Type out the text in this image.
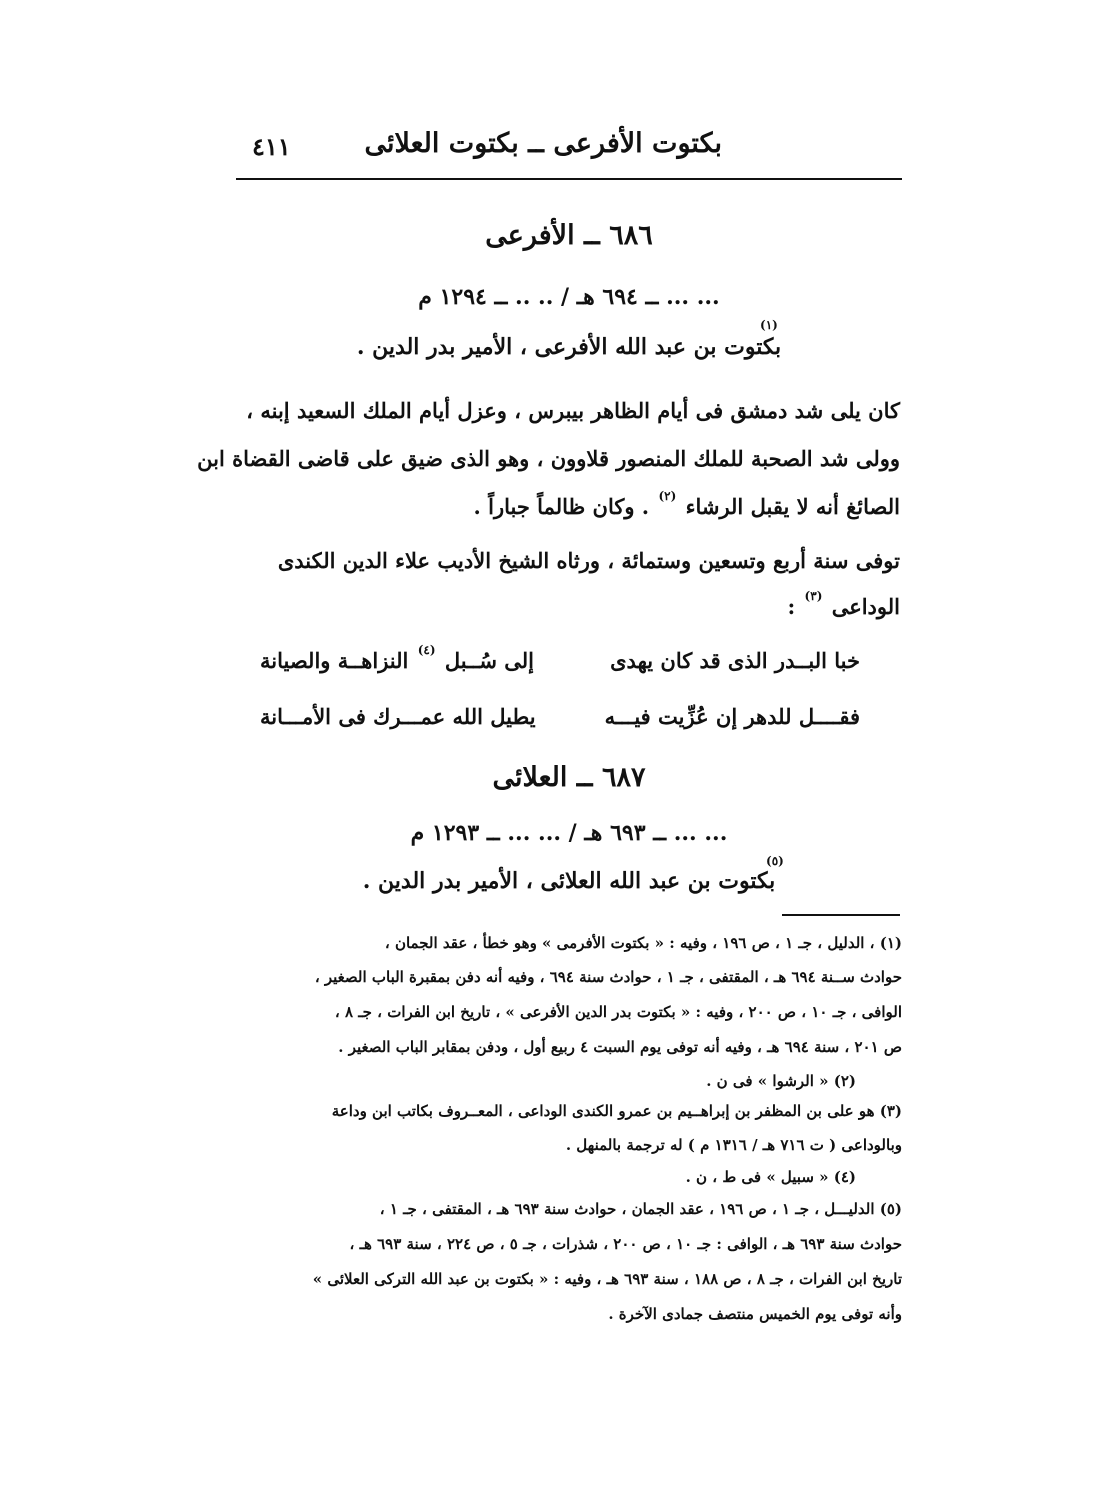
بكتوت الأفرعى ــ بكتوت العلائى
٤١١
٦٨٦ ــ الأفرعى
... ... ــ ٦٩٤ هـ / .. .. ــ ١٢٩٤ م
بكتوت بن عبد الله الأفرعى ، الأمير بدر الدين .
(١)
كان يلى شد دمشق فى أيام الظاهر بيبرس ، وعزل أيام الملك السعيد إبنه ،
وولى شد الصحبة للملك المنصور قلاوون ، وهو الذى ضيق على قاضى القضاة ابن
الصائغ أنه لا يقبل الرشاء $^{(٢)}$ . وكان ظالماً جباراً .
توفى سنة أربع وتسعين وستمائة ، ورثاه الشيخ الأديب علاء الدين الكندى
الوداعى $^{(٣)}$ :
خبا البــدر الذى قد كان يهدى
إلى سُــبل $^{(٤)}$ النزاهــة والصيانة
فقــــل للدهر إن عُزِّيت فيـــه
يطيل الله عمـــرك فى الأمـــانة
٦٨٧ ــ العلائى
... ... ــ ٦٩٣ هـ / ... ... ــ ١٢٩٣ م
بكتوت بن عبد الله العلائى ، الأمير بدر الدين .
(٥)
(١) ، الدليل ، جـ ١ ، ص ١٩٦ ، وفيه : « بكتوت الأفرمى » وهو خطأ ، عقد الجمان ،
حوادث ســنة ٦٩٤ هـ ، المقتفى ، جـ ١ ، حوادث سنة ٦٩٤ ، وفيه أنه دفن بمقبرة الباب الصغير ،
الوافى ، جـ ١٠ ، ص ٢٠٠ ، وفيه : « بكتوت بدر الدين الأفرعى » ، تاريخ ابن الفرات ، جـ ٨ ،
ص ٢٠١ ، سنة ٦٩٤ هـ ، وفيه أنه توفى يوم السبت ٤ ربيع أول ، ودفن بمقابر الباب الصغير .
(٢) « الرشوا » فى ن .
(٣) هو على بن المظفر بن إبراهــيم بن عمرو الكندى الوداعى ، المعــروف بكاتب ابن وداعة
وبالوداعى ( ت ٧١٦ هـ / ١٣١٦ م ) له ترجمة بالمنهل .
(٤) « سبيل » فى ط ، ن .
(٥) الدليـــل ، جـ ١ ، ص ١٩٦ ، عقد الجمان ، حوادث سنة ٦٩٣ هـ ، المقتفى ، جـ ١ ،
حوادث سنة ٦٩٣ هـ ، الوافى : جـ ١٠ ، ص ٢٠٠ ، شذرات ، جـ ٥ ، ص ٢٢٤ ، سنة ٦٩٣ هـ ،
تاريخ ابن الفرات ، جـ ٨ ، ص ١٨٨ ، سنة ٦٩٣ هـ ، وفيه : « بكتوت بن عبد الله التركى العلائى »
وأنه توفى يوم الخميس منتصف جمادى الآخرة .
